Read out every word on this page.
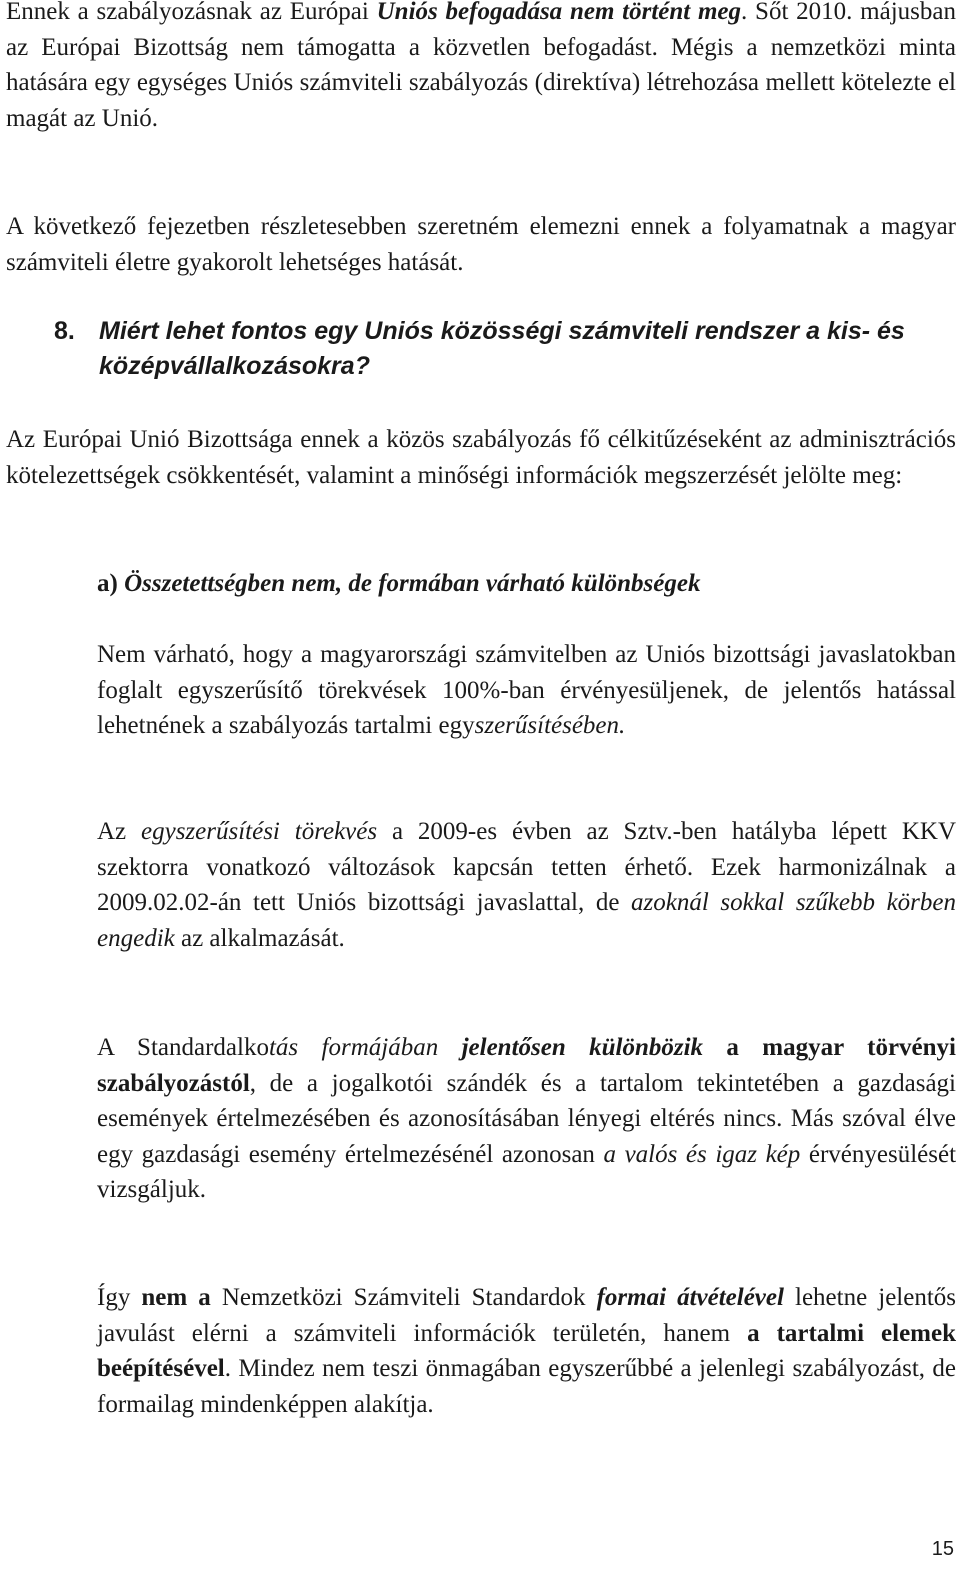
Ennek a szabályozásnak az Európai Uniós befogadása nem történt meg. Sőt 2010. májusban az Európai Bizottság nem támogatta a közvetlen befogadást. Mégis a nemzetközi minta hatására egy egységes Uniós számviteli szabályozás (direktíva) létrehozása mellett kötelezte el magát az Unió.

A következő fejezetben részletesebben szeretném elemezni ennek a folyamatnak a magyar számviteli életre gyakorolt lehetséges hatását.

8. Miért lehet fontos egy Uniós közösségi számviteli rendszer a kis- és középvállalkozásokra?

Az Európai Unió Bizottsága ennek a közös szabályozás fő célkitűzéseként az adminisztrációs kötelezettségek csökkentését, valamint a minőségi információk megszerzését jelölte meg:

a) Összetettségben nem, de formában várható különbségek

Nem várható, hogy a magyarországi számvitelben az Uniós bizottsági javaslatokban foglalt egyszerűsítő törekvések 100%-ban érvényesüljenek, de jelentős hatással lehetnének a szabályozás tartalmi egyszerűsítésében.

Az egyszerűsítési törekvés a 2009-es évben az Sztv.-ben hatályba lépett KKV szektorra vonatkozó változások kapcsán tetten érhető. Ezek harmonizálnak a 2009.02.02-án tett Uniós bizottsági javaslattal, de azoknál sokkal szűkebb körben engedik az alkalmazását.

A Standardalkotás formájában jelentősen különbözik a magyar törvényi szabályozástól, de a jogalkotói szándék és a tartalom tekintetében a gazdasági események értelmezésében és azonosításában lényegi eltérés nincs. Más szóval élve egy gazdasági esemény értelmezésénél azonosan a valós és igaz kép érvényesülését vizsgáljuk.

Így nem a Nemzetközi Számviteli Standardok formai átvételével lehetne jelentős javulást elérni a számviteli információk területén, hanem a tartalmi elemek beépítésével. Mindez nem teszi önmagában egyszerűbbé a jelenlegi szabályozást, de formailag mindenképpen alakítja.

15
